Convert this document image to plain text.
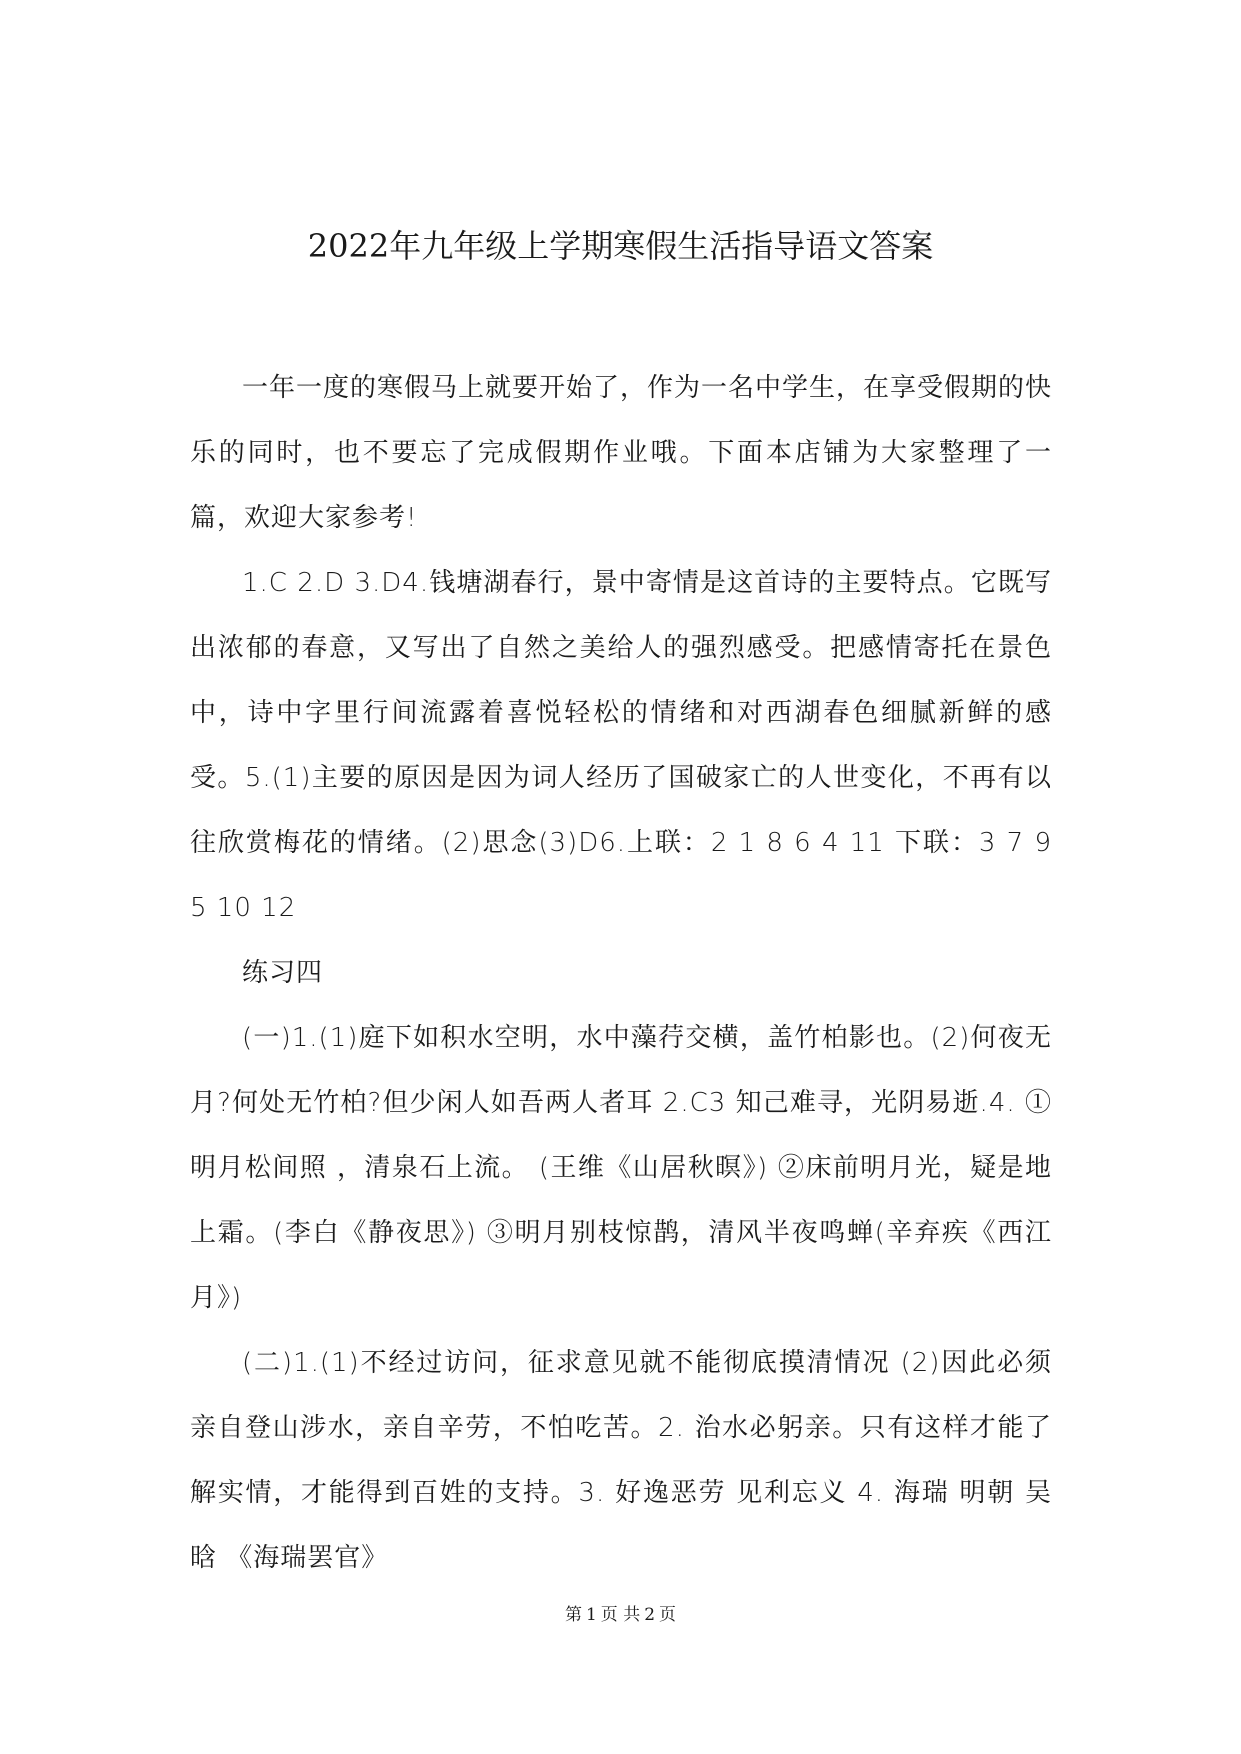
2022年九年级上学期寒假生活指导语文答案

一年一度的寒假马上就要开始了，作为一名中学生，在享受假期的快乐的同时，也不要忘了完成假期作业哦。下面本店铺为大家整理了一篇，欢迎大家参考!

1.C 2.D 3.D4.钱塘湖春行，景中寄情是这首诗的主要特点。它既写出浓郁的春意，又写出了自然之美给人的强烈感受。把感情寄托在景色中，诗中字里行间流露着喜悦轻松的情绪和对西湖春色细腻新鲜的感受。5.(1)主要的原因是因为词人经历了国破家亡的人世变化，不再有以往欣赏梅花的情绪。(2)思念(3)D6.上联：2 1 8 6 4 11 下联：3 7 9 5 10 12

练习四

(一)1.(1)庭下如积水空明，水中藻荇交横，盖竹柏影也。(2)何夜无月?何处无竹柏?但少闲人如吾两人者耳 2.C3 知己难寻，光阴易逝.4. ①明月松间照 ，清泉石上流。 (王维《山居秋暝》) ②床前明月光，疑是地上霜。(李白《静夜思》) ③明月别枝惊鹊，清风半夜鸣蝉(辛弃疾《西江月》)

(二)1.(1)不经过访问，征求意见就不能彻底摸清情况 (2)因此必须亲自登山涉水，亲自辛劳，不怕吃苦。2. 治水必躬亲。只有这样才能了解实情，才能得到百姓的支持。3. 好逸恶劳 见利忘义 4. 海瑞 明朝 吴晗 《海瑞罢官》

第 1 页 共 2 页
